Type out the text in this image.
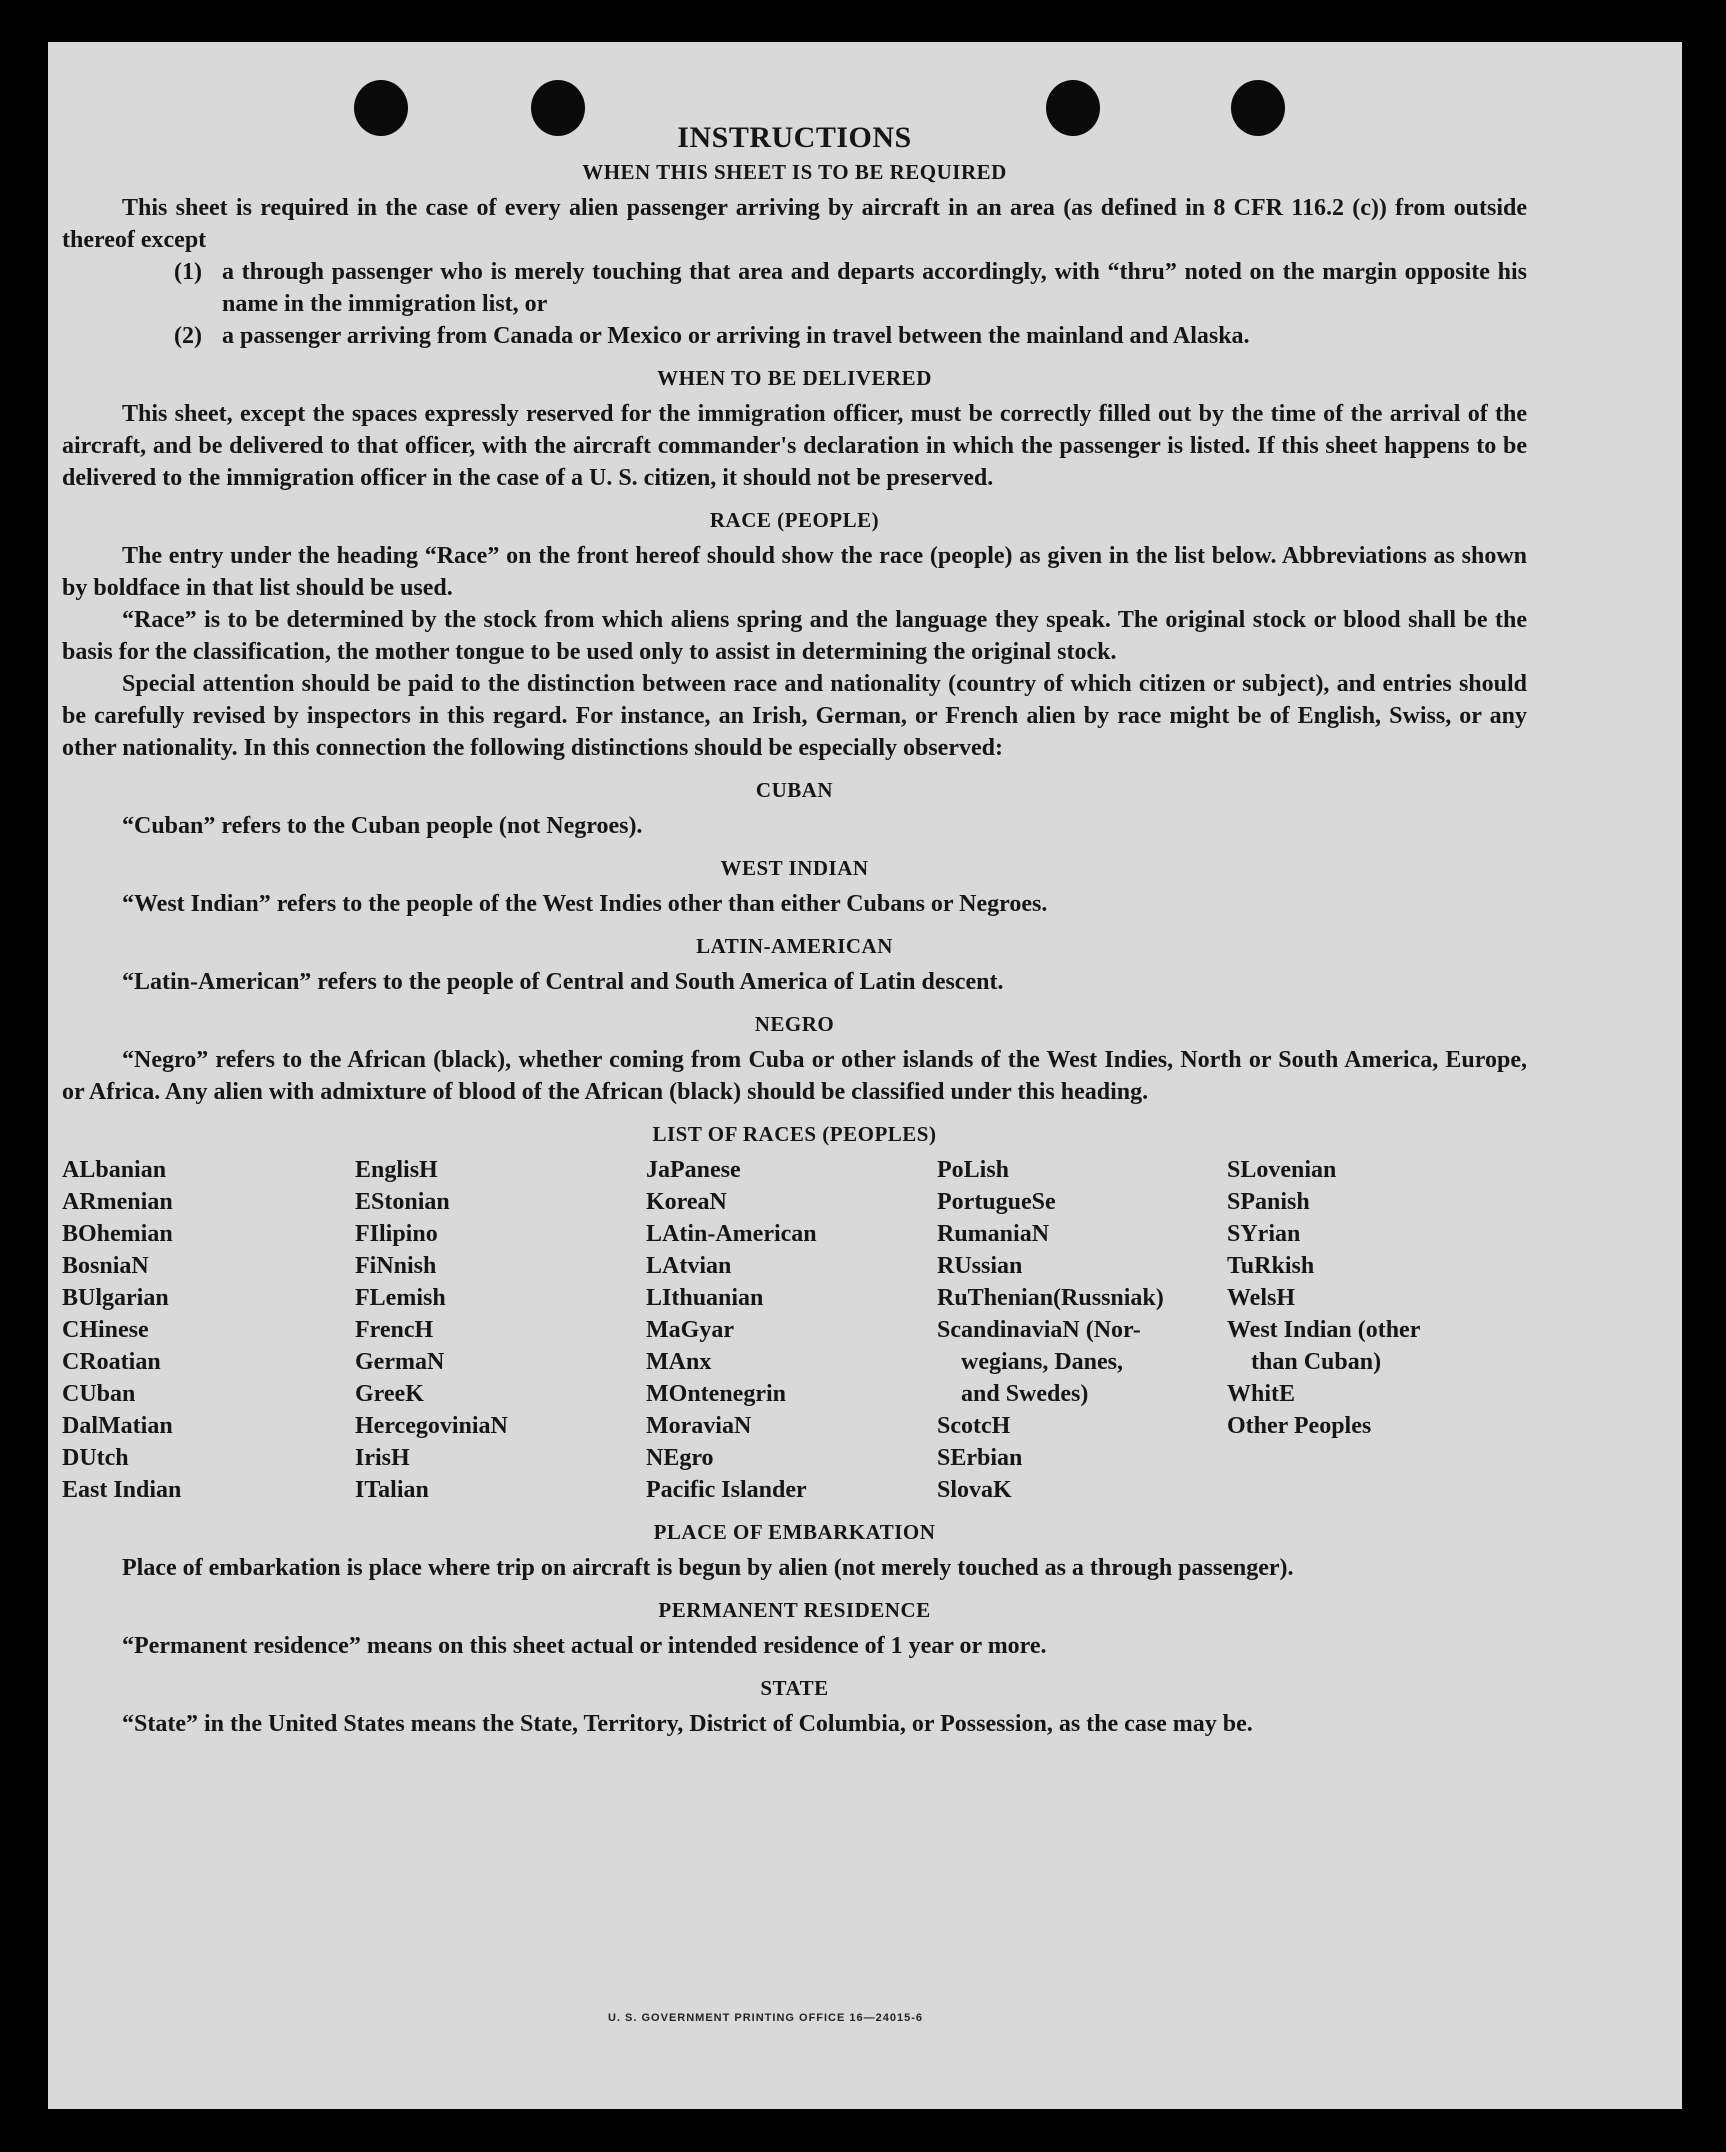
INSTRUCTIONS
WHEN THIS SHEET IS TO BE REQUIRED

This sheet is required in the case of every alien passenger arriving by aircraft in an area (as defined in 8 CFR 116.2 (c)) from outside thereof except

(1) a through passenger who is merely touching that area and departs accordingly, with “thru” noted on the margin opposite his name in the immigration list, or

(2) a passenger arriving from Canada or Mexico or arriving in travel between the mainland and Alaska.

WHEN TO BE DELIVERED

This sheet, except the spaces expressly reserved for the immigration officer, must be correctly filled out by the time of the arrival of the aircraft, and be delivered to that officer, with the aircraft commander's declaration in which the passenger is listed. If this sheet happens to be delivered to the immigration officer in the case of a U. S. citizen, it should not be preserved.

RACE (PEOPLE)

The entry under the heading “Race” on the front hereof should show the race (people) as given in the list below. Abbreviations as shown by boldface in that list should be used.

“Race” is to be determined by the stock from which aliens spring and the language they speak. The original stock or blood shall be the basis for the classification, the mother tongue to be used only to assist in determining the original stock.

Special attention should be paid to the distinction between race and nationality (country of which citizen or subject), and entries should be carefully revised by inspectors in this regard. For instance, an Irish, German, or French alien by race might be of English, Swiss, or any other nationality. In this connection the following distinctions should be especially observed:

CUBAN

“Cuban” refers to the Cuban people (not Negroes).

WEST INDIAN

“West Indian” refers to the people of the West Indies other than either Cubans or Negroes.

LATIN-AMERICAN

“Latin-American” refers to the people of Central and South America of Latin descent.

NEGRO

“Negro” refers to the African (black), whether coming from Cuba or other islands of the West Indies, North or South America, Europe, or Africa. Any alien with admixture of blood of the African (black) should be classified under this heading.

LIST OF RACES (PEOPLES)
ALbanian
ARmenian
BOhemian
BosniaN
BUlgarian
CHinese
CRoatian
CUban
DalMatian
DUtch
East Indian
EnglisH
EStonian
FIlipino
FiNnish
FLemish
FrencH
GermaN
GreeK
HercegoviniaN
IrisH
ITalian
JaPanese
KoreaN
LAtin-American
LAtvian
LIthuanian
MaGyar
MAnx
MOntenegrin
MoraviaN
NEgro
Pacific Islander
PoLish
PortugueSe
RumaniaN
RUssian
RuThenian(Russniak)
ScandinaviaN (Nor-
wegians, Danes,
and Swedes)
ScotcH
SErbian
SlovaK
SLovenian
SPanish
SYrian
TuRkish
WelsH
West Indian (other
than Cuban)
WhitE
Other Peoples
PLACE OF EMBARKATION

Place of embarkation is place where trip on aircraft is begun by alien (not merely touched as a through passenger).

PERMANENT RESIDENCE

“Permanent residence” means on this sheet actual or intended residence of 1 year or more.

STATE

“State” in the United States means the State, Territory, District of Columbia, or Possession, as the case may be.

U. S. GOVERNMENT PRINTING OFFICE 16—24015-6
